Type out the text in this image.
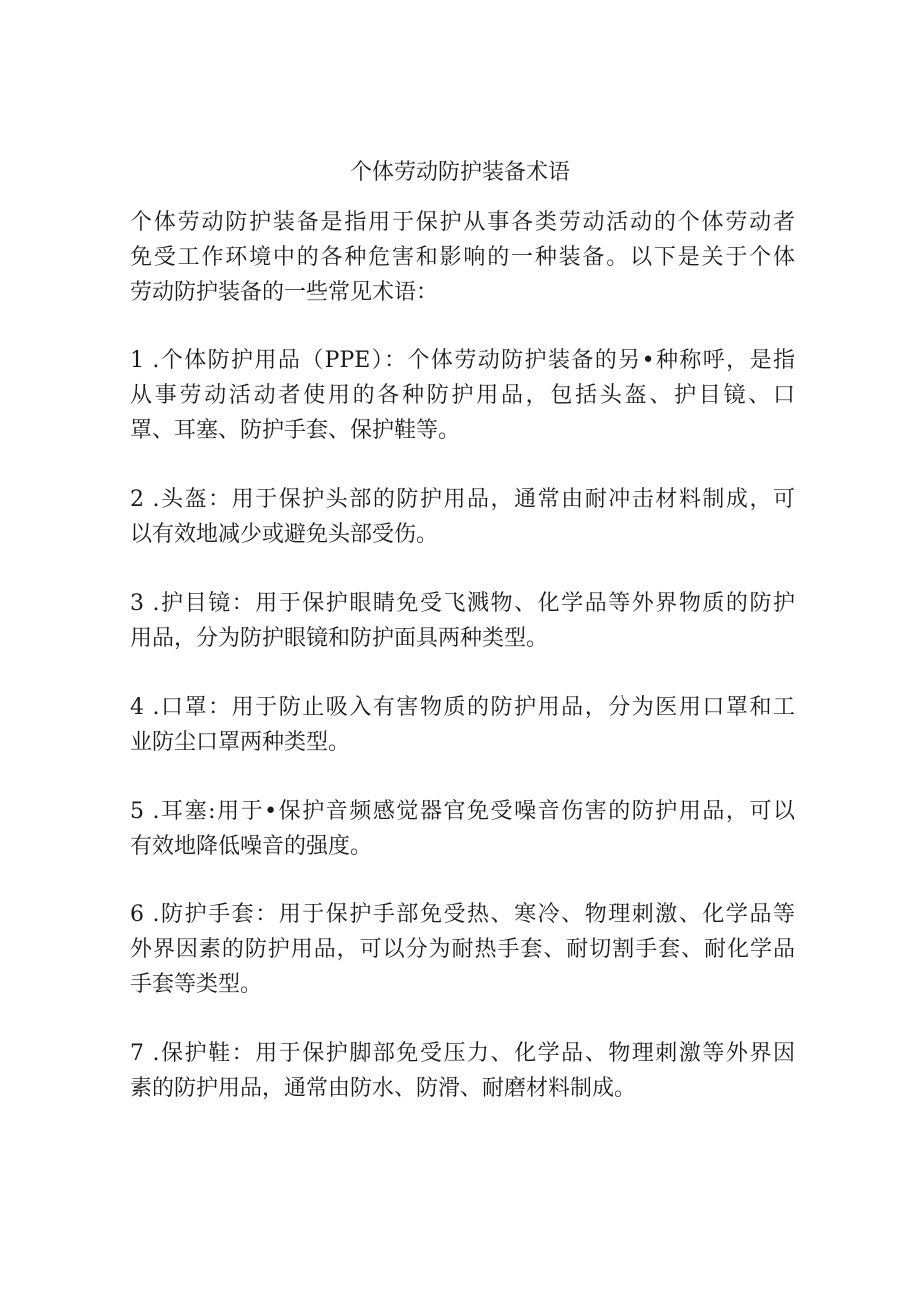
个体劳动防护装备术语

个体劳动防护装备是指用于保护从事各类劳动活动的个体劳动者
免受工作环境中的各种危害和影响的一种装备。以下是关于个体
劳动防护装备的一些常见术语：

1 .个体防护用品（PPE）：个体劳动防护装备的另•种称呼，是指
从事劳动活动者使用的各种防护用品，包括头盔、护目镜、口
罩、耳塞、防护手套、保护鞋等。

2 .头盔：用于保护头部的防护用品，通常由耐冲击材料制成，可
以有效地减少或避免头部受伤。

3 .护目镜：用于保护眼睛免受飞溅物、化学品等外界物质的防护
用品，分为防护眼镜和防护面具两种类型。

4 .口罩：用于防止吸入有害物质的防护用品，分为医用口罩和工
业防尘口罩两种类型。

5 .耳塞:用于•保护音频感觉器官免受噪音伤害的防护用品，可以
有效地降低噪音的强度。

6 .防护手套：用于保护手部免受热、寒冷、物理刺激、化学品等
外界因素的防护用品，可以分为耐热手套、耐切割手套、耐化学品
手套等类型。

7 .保护鞋：用于保护脚部免受压力、化学品、物理刺激等外界因
素的防护用品，通常由防水、防滑、耐磨材料制成。
